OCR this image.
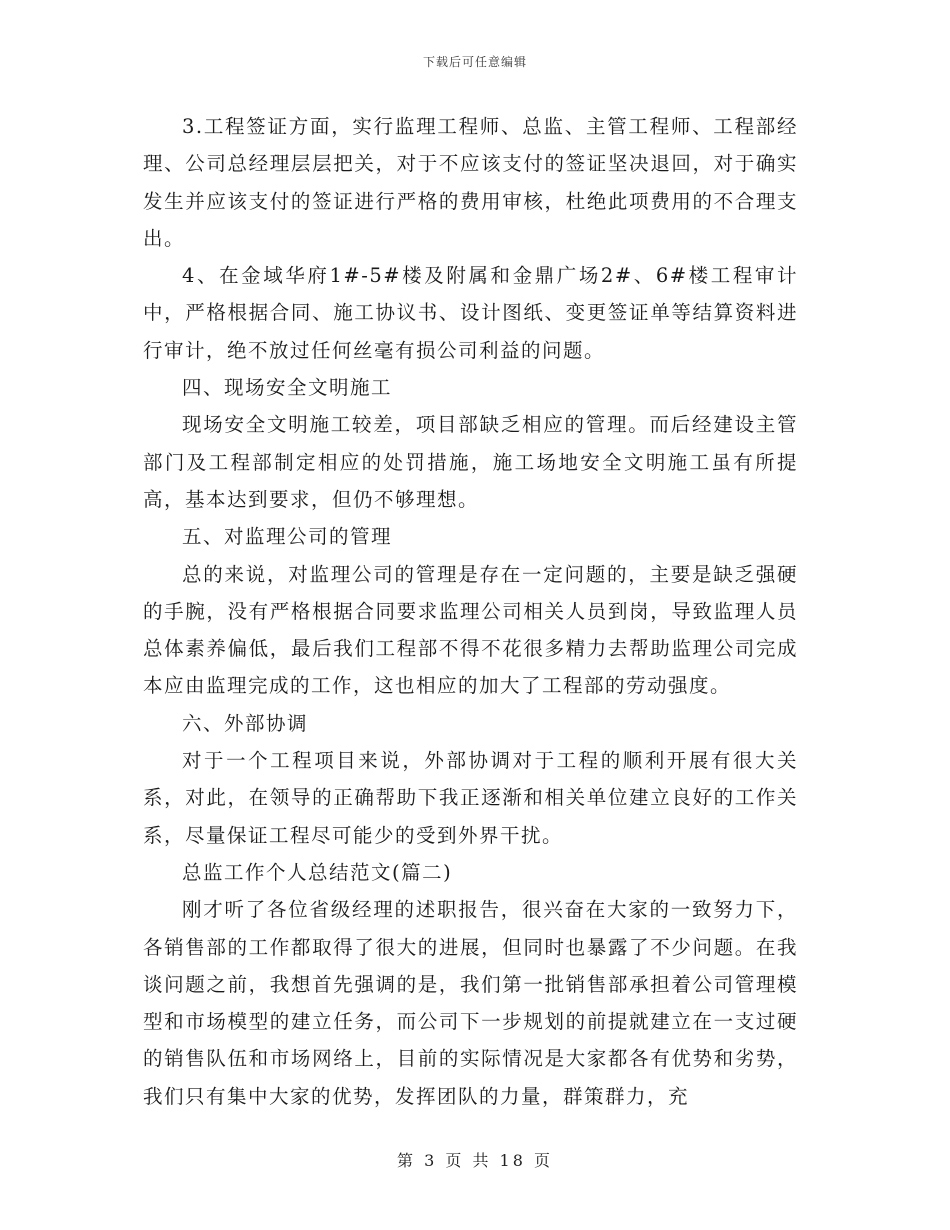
下载后可任意编辑

3.工程签证方面，实行监理工程师、总监、主管工程师、工程部经理、公司总经理层层把关，对于不应该支付的签证坚决退回，对于确实发生并应该支付的签证进行严格的费用审核，杜绝此项费用的不合理支出。

4、在金域华府1#-5#楼及附属和金鼎广场2#、6#楼工程审计中，严格根据合同、施工协议书、设计图纸、变更签证单等结算资料进行审计，绝不放过任何丝毫有损公司利益的问题。

四、现场安全文明施工

现场安全文明施工较差，项目部缺乏相应的管理。而后经建设主管部门及工程部制定相应的处罚措施，施工场地安全文明施工虽有所提高，基本达到要求，但仍不够理想。

五、对监理公司的管理

总的来说，对监理公司的管理是存在一定问题的，主要是缺乏强硬的手腕，没有严格根据合同要求监理公司相关人员到岗，导致监理人员总体素养偏低，最后我们工程部不得不花很多精力去帮助监理公司完成本应由监理完成的工作，这也相应的加大了工程部的劳动强度。

六、外部协调

对于一个工程项目来说，外部协调对于工程的顺利开展有很大关系，对此，在领导的正确帮助下我正逐渐和相关单位建立良好的工作关系，尽量保证工程尽可能少的受到外界干扰。

总监工作个人总结范文(篇二)

刚才听了各位省级经理的述职报告，很兴奋在大家的一致努力下，各销售部的工作都取得了很大的进展，但同时也暴露了不少问题。在我谈问题之前，我想首先强调的是，我们第一批销售部承担着公司管理模型和市场模型的建立任务，而公司下一步规划的前提就建立在一支过硬的销售队伍和市场网络上，目前的实际情况是大家都各有优势和劣势，我们只有集中大家的优势，发挥团队的力量，群策群力，充

第 3 页 共 18 页
